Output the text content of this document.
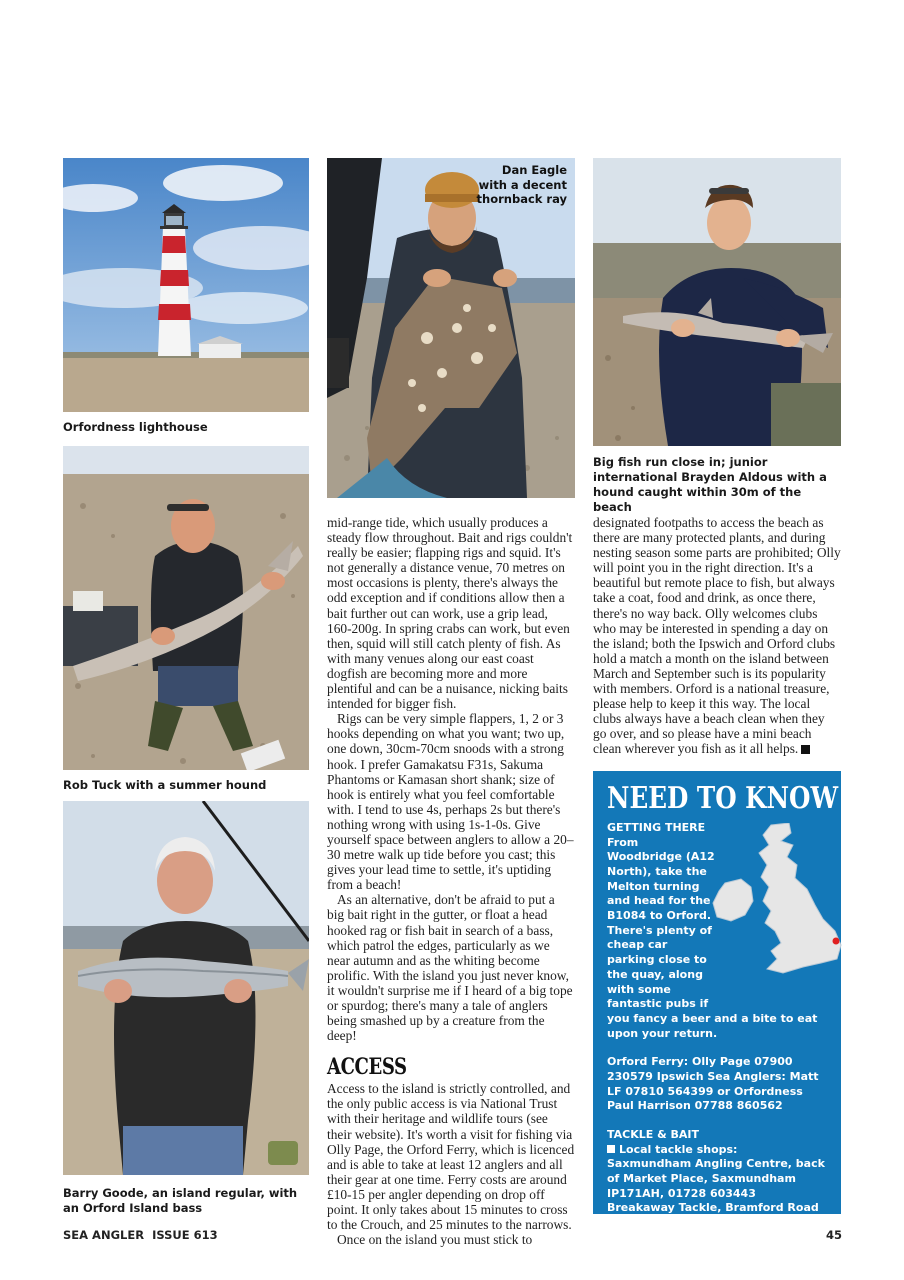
Orfordness lighthouse
Dan Eagle with a decent thornback ray
Big fish run close in; junior international Brayden Aldous with a hound caught within 30m of the beach
Rob Tuck with a summer hound
Barry Goode, an island regular, with an Orford Island bass

mid-range tide, which usually produces a steady flow throughout. Bait and rigs couldn't really be easier; flapping rigs and squid. It's not generally a distance venue, 70 metres on most occasions is plenty, there's always the odd exception and if conditions allow then a bait further out can work, use a grip lead, 160-200g. In spring crabs can work, but even then, squid will still catch plenty of fish. As with many venues along our east coast dogfish are becoming more and more plentiful and can be a nuisance, nicking baits intended for bigger fish.

Rigs can be very simple flappers, 1, 2 or 3 hooks depending on what you want; two up, one down, 30cm-70cm snoods with a strong hook. I prefer Gamakatsu F31s, Sakuma Phantoms or Kamasan short shank; size of hook is entirely what you feel comfortable with. I tend to use 4s, perhaps 2s but there's nothing wrong with using 1s-1-0s. Give yourself space between anglers to allow a 20–30 metre walk up tide before you cast; this gives your lead time to settle, it's uptiding from a beach!

As an alternative, don't be afraid to put a big bait right in the gutter, or float a head hooked rag or fish bait in search of a bass, which patrol the edges, particularly as we near autumn and as the whiting become prolific. With the island you just never know, it wouldn't surprise me if I heard of a big tope or spurdog; there's many a tale of anglers being smashed up by a creature from the deep!

ACCESS

Access to the island is strictly controlled, and the only public access is via National Trust with their heritage and wildlife tours (see their website). It's worth a visit for fishing via Olly Page, the Orford Ferry, which is licenced and is able to take at least 12 anglers and all their gear at one time. Ferry costs are around £10-15 per angler depending on drop off point. It only takes about 15 minutes to cross to the Crouch, and 25 minutes to the narrows.

Once on the island you must stick to

designated footpaths to access the beach as there are many protected plants, and during nesting season some parts are prohibited; Olly will point you in the right direction. It's a beautiful but remote place to fish, but always take a coat, food and drink, as once there, there's no way back. Olly welcomes clubs who may be interested in spending a day on the island; both the Ipswich and Orford clubs hold a match a month on the island between March and September such is its popularity with members. Orford is a national treasure, please help to keep it this way. The local clubs always have a beach clean when they go over, and so please have a mini beach clean wherever you fish as it all helps.

NEED TO KNOW
GETTING THERE
From Woodbridge (A12 North), take the Melton turning and head for the B1084 to Orford. There's plenty of cheap car parking close to the quay, along with some fantastic pubs if
you fancy a beer and a bite to eat upon your return.
Orford Ferry: Olly Page 07900 230579 Ipswich Sea Anglers: Matt LF 07810 564399 or Orfordness Paul Harrison 07788 860562
TACKLE & BAIT
Local tackle shops:
Saxmundham Angling Centre, back of Market Place, Saxmundham IP171AH, 01728 603443
Breakaway Tackle, Bramford Road Ipswich, 01473 832822
SEA ANGLER ISSUE 613	45
